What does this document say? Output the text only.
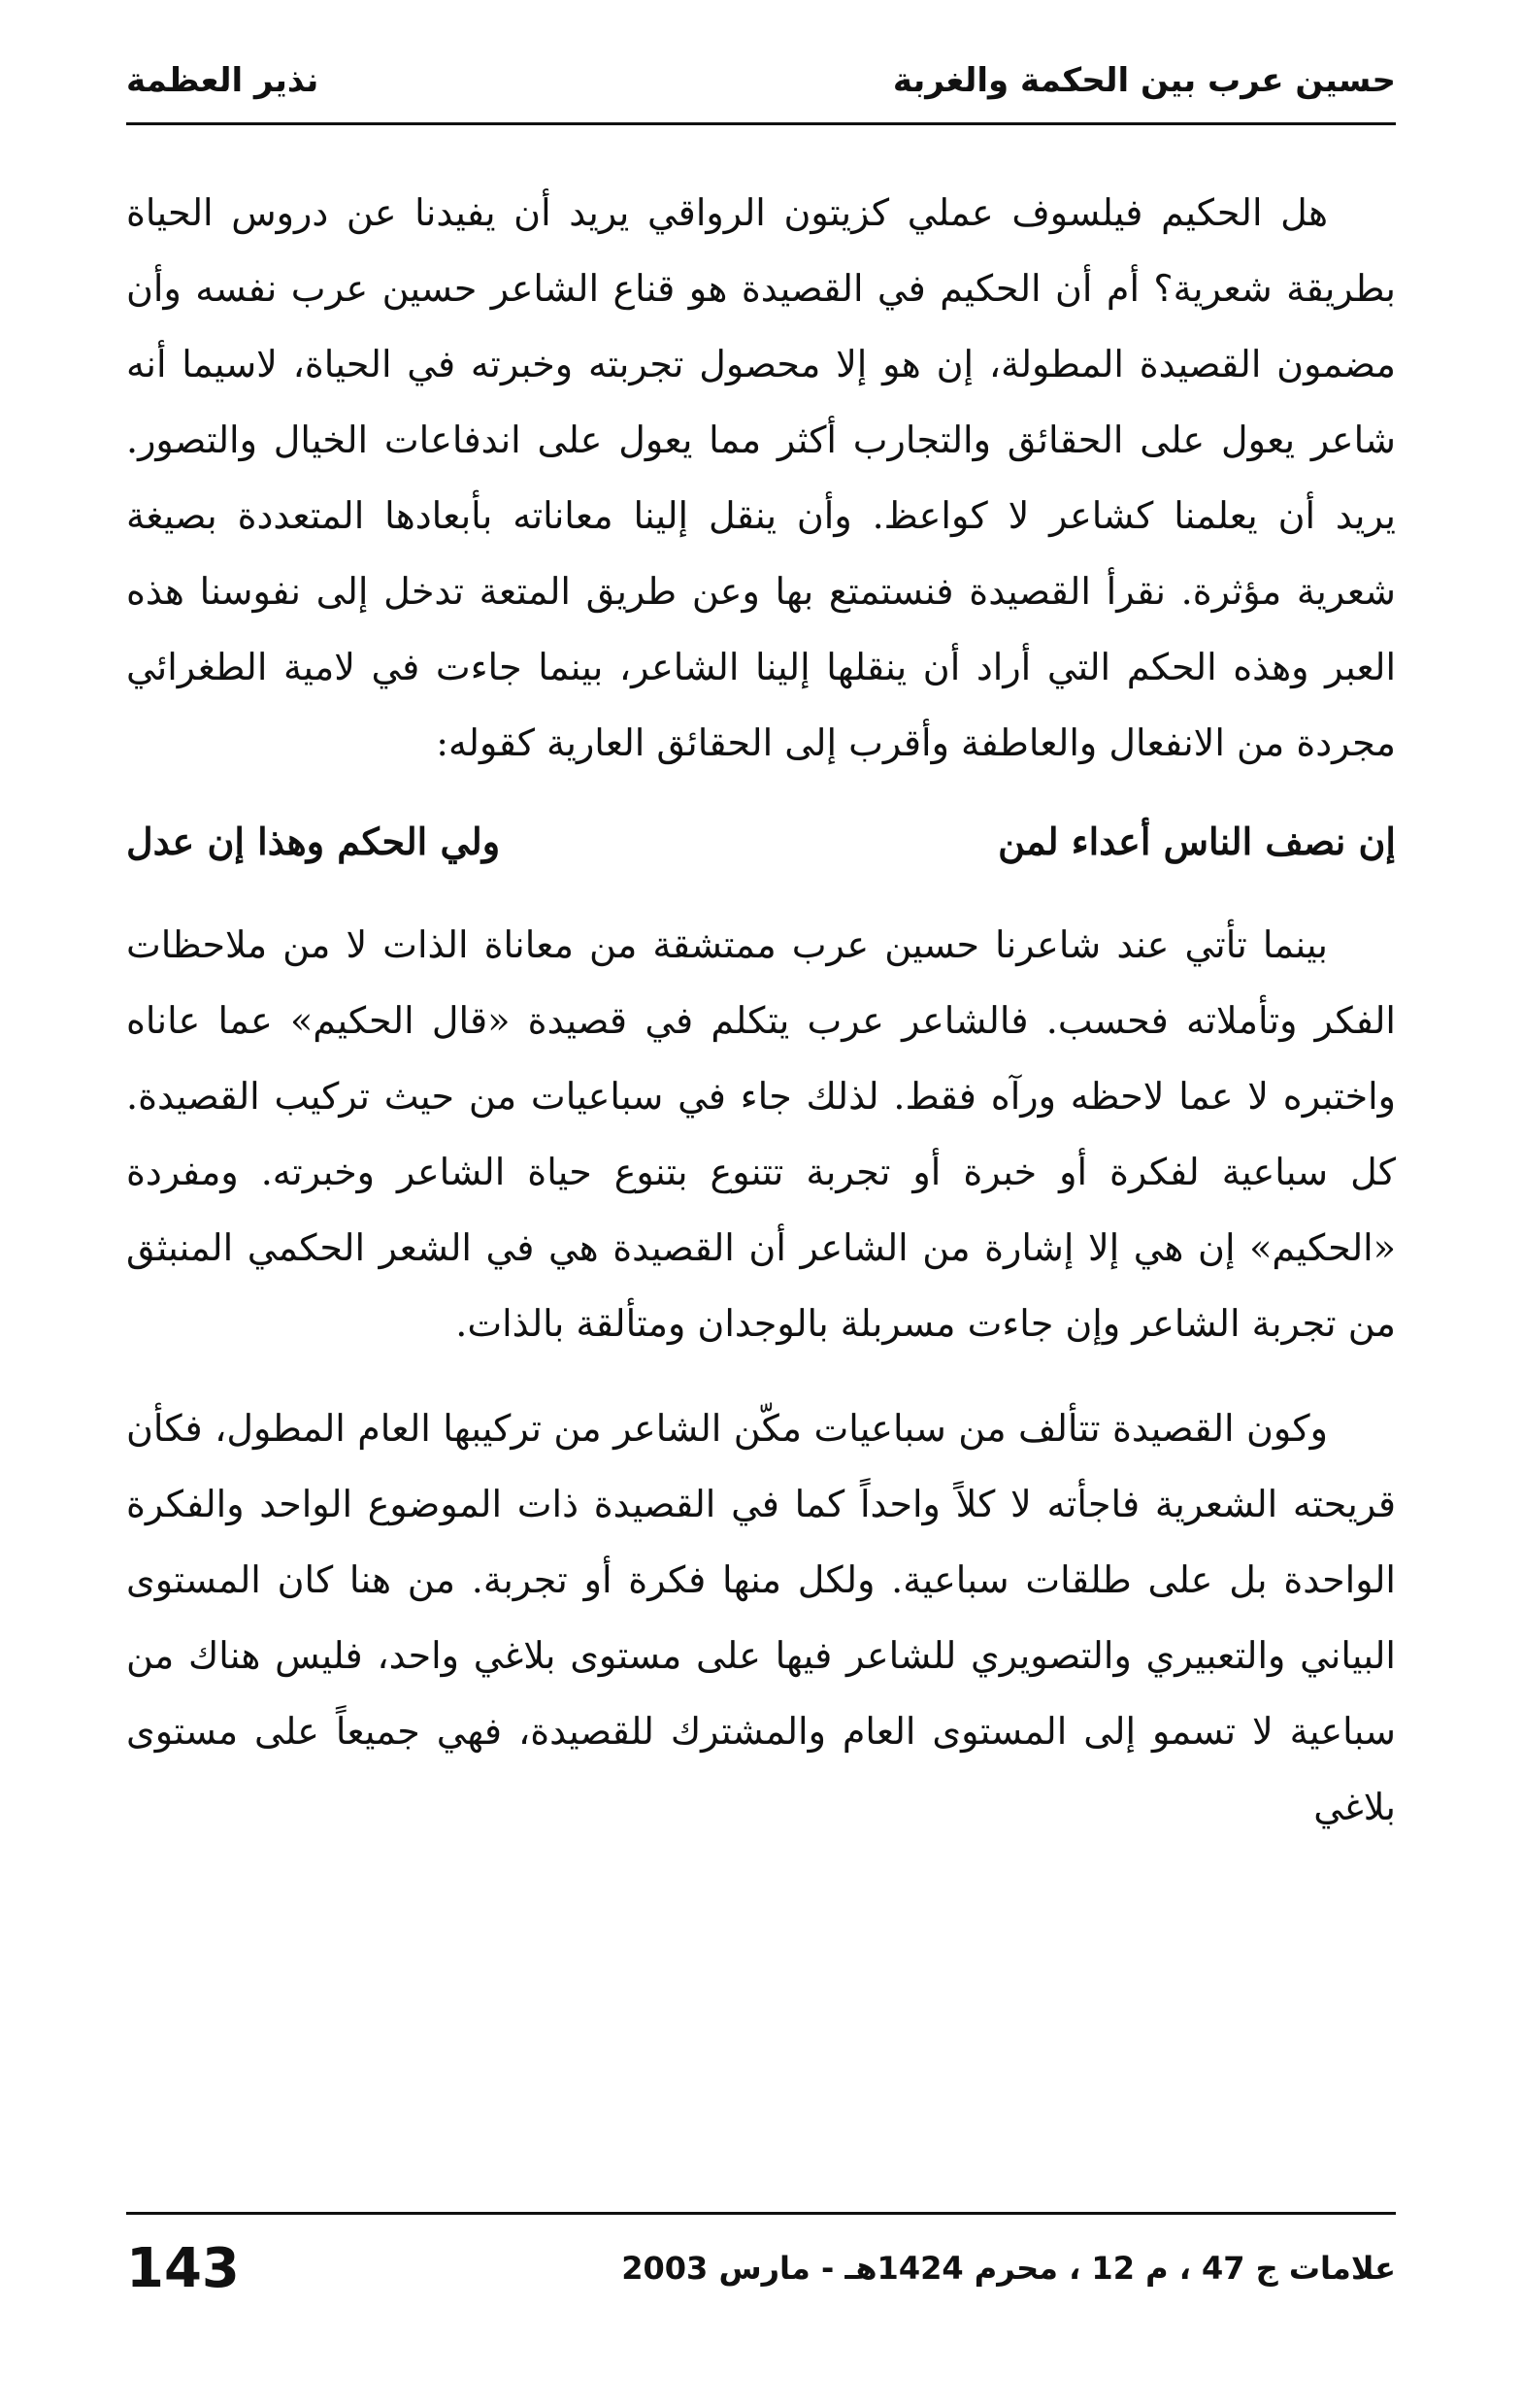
حسين عرب بين الحكمة والغربة
نذير العظمة

هل الحكيم فيلسوف عملي كزيتون الرواقي يريد أن يفيدنا عن دروس الحياة بطريقة شعرية؟ أم أن الحكيم في القصيدة هو قناع الشاعر حسين عرب نفسه وأن مضمون القصيدة المطولة، إن هو إلا محصول تجربته وخبرته في الحياة، لاسيما أنه شاعر يعول على الحقائق والتجارب أكثر مما يعول على اندفاعات الخيال والتصور. يريد أن يعلمنا كشاعر لا كواعظ. وأن ينقل إلينا معاناته بأبعادها المتعددة بصيغة شعرية مؤثرة. نقرأ القصيدة فنستمتع بها وعن طريق المتعة تدخل إلى نفوسنا هذه العبر وهذه الحكم التي أراد أن ينقلها إلينا الشاعر، بينما جاءت في لامية الطغرائي مجردة من الانفعال والعاطفة وأقرب إلى الحقائق العارية كقوله:

إن نصف الناس أعداء لمن
ولي الحكم وهذا إن عدل

بينما تأتي عند شاعرنا حسين عرب ممتشقة من معاناة الذات لا من ملاحظات الفكر وتأملاته فحسب. فالشاعر عرب يتكلم في قصيدة «قال الحكيم» عما عاناه واختبره لا عما لاحظه ورآه فقط. لذلك جاء في سباعيات من حيث تركيب القصيدة. كل سباعية لفكرة أو خبرة أو تجربة تتنوع بتنوع حياة الشاعر وخبرته. ومفردة «الحكيم» إن هي إلا إشارة من الشاعر أن القصيدة هي في الشعر الحكمي المنبثق من تجربة الشاعر وإن جاءت مسربلة بالوجدان ومتألقة بالذات.

وكون القصيدة تتألف من سباعيات مكّن الشاعر من تركيبها العام المطول، فكأن قريحته الشعرية فاجأته لا كلاً واحداً كما في القصيدة ذات الموضوع الواحد والفكرة الواحدة بل على طلقات سباعية. ولكل منها فكرة أو تجربة. من هنا كان المستوى البياني والتعبيري والتصويري للشاعر فيها على مستوى بلاغي واحد، فليس هناك من سباعية لا تسمو إلى المستوى العام والمشترك للقصيدة، فهي جميعاً على مستوى بلاغي

علامات ج 47 ، م 12 ، محرم 1424هـ - مارس 2003
143
